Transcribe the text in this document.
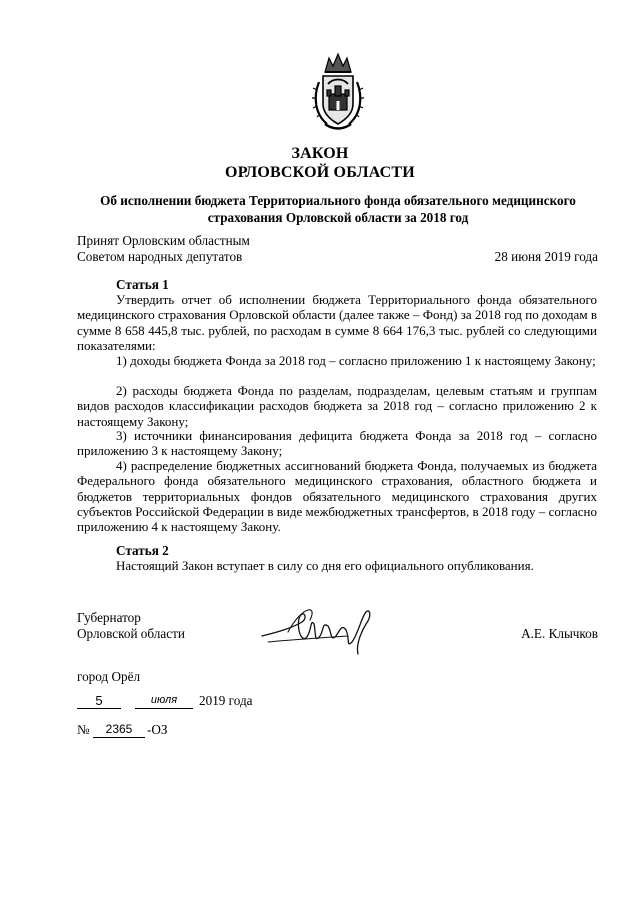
ЗАКОН
ОРЛОВСКОЙ ОБЛАСТИ
Об исполнении бюджета Территориального фонда обязательного медицинского
страхования Орловской области за 2018 год
Принят Орловским областным
Советом народных депутатов	28 июня 2019 года
Статья 1

Утвердить отчет об исполнении бюджета Территориального фонда обязательного медицинского страхования Орловской области (далее также – Фонд) за 2018 год по доходам в сумме 8 658 445,8 тыс. рублей, по расходам в сумме 8 664 176,3 тыс. рублей со следующими показателями:

1) доходы бюджета Фонда за 2018 год – согласно приложению 1 к настоящему Закону;

2) расходы бюджета Фонда по разделам, подразделам, целевым статьям и группам видов расходов классификации расходов бюджета за 2018 год – согласно приложению 2 к настоящему Закону;

3) источники финансирования дефицита бюджета Фонда за 2018 год – согласно приложению 3 к настоящему Закону;

4) распределение бюджетных ассигнований бюджета Фонда, получаемых из бюджета Федерального фонда обязательного медицинского страхования, областного бюджета и бюджетов территориальных фондов обязательного медицинского страхования других субъектов Российской Федерации в виде межбюджетных трансфертов, в 2018 году – согласно приложению 4 к настоящему Закону.

Статья 2

Настоящий Закон вступает в силу со дня его официального опубликования.

Губернатор
Орловской области	А.Е. Клычков
город Орёл
5	июля	2019 года
№	2365	-ОЗ
